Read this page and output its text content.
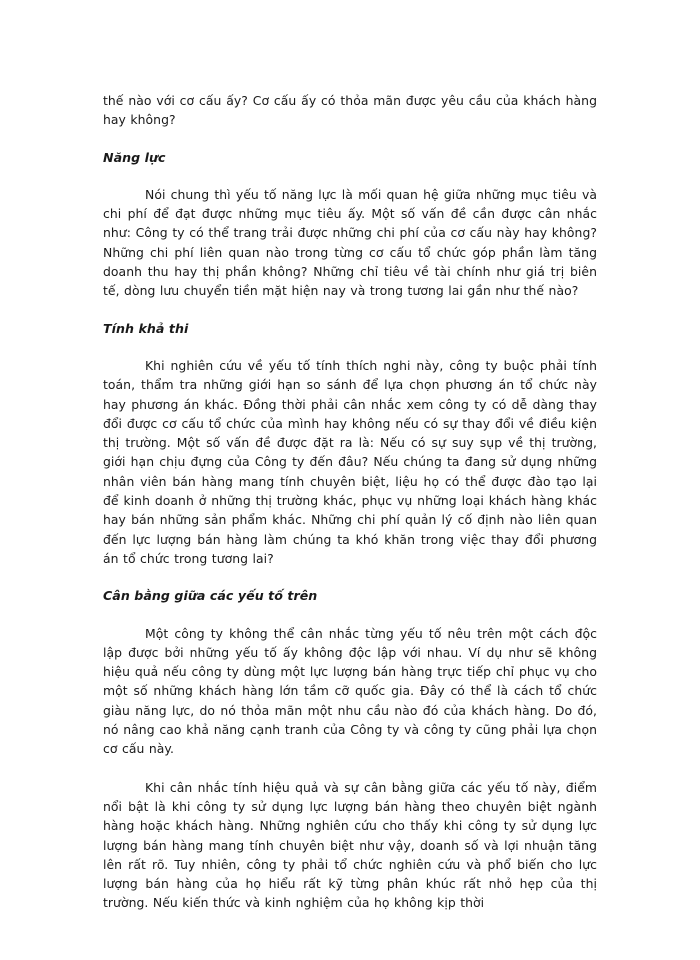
thế nào với cơ cấu ấy? Cơ cấu ấy có thỏa mãn được yêu cầu của khách hàng hay không?

Năng lực

Nói chung thì yếu tố năng lực là mối quan hệ giữa những mục tiêu và chi phí để đạt được những mục tiêu ấy. Một số vấn đề cần được cân nhắc như: Công ty có thể trang trải được những chi phí của cơ cấu này hay không? Những chi phí liên quan nào trong từng cơ cấu tổ chức góp phần làm tăng doanh thu hay thị phần không? Những chỉ tiêu về tài chính như giá trị biên tế, dòng lưu chuyển tiền mặt hiện nay và trong tương lai gần như thế nào?

Tính khả thi

Khi nghiên cứu về yếu tố tính thích nghi này, công ty buộc phải tính toán, thẩm tra những giới hạn so sánh để lựa chọn phương án tổ chức này hay phương án khác. Đồng thời phải cân nhắc xem công ty có dễ dàng thay đổi được cơ cấu tổ chức của mình hay không nếu có sự thay đổi về điều kiện thị trường. Một số vấn đề được đặt ra là: Nếu có sự suy sụp về thị trường, giới hạn chịu đựng của Công ty đến đâu? Nếu chúng ta đang sử dụng những nhân viên bán hàng mang tính chuyên biệt, liệu họ có thể được đào tạo lại để kinh doanh ở những thị trường khác, phục vụ những loại khách hàng khác hay bán những sản phẩm khác. Những chi phí quản lý cố định nào liên quan đến lực lượng bán hàng làm chúng ta khó khăn trong việc thay đổi phương án tổ chức trong tương lai?

Cân bằng giữa các yếu tố trên

Một công ty không thể cân nhắc từng yếu tố nêu trên một cách độc lập được bởi những yếu tố ấy không độc lập với nhau. Ví dụ như sẽ không hiệu quả nếu công ty dùng một lực lượng bán hàng trực tiếp chỉ phục vụ cho một số những khách hàng lớn tầm cỡ quốc gia. Đây có thể là cách tổ chức giàu năng lực, do nó thỏa mãn một nhu cầu nào đó của khách hàng. Do đó, nó nâng cao khả năng cạnh tranh của Công ty và công ty cũng phải lựa chọn cơ cấu này.

Khi cân nhắc tính hiệu quả và sự cân bằng giữa các yếu tố này, điểm nổi bật là khi công ty sử dụng lực lượng bán hàng theo chuyên biệt ngành hàng hoặc khách hàng. Những nghiên cứu cho thấy khi công ty sử dụng lực lượng bán hàng mang tính chuyên biệt như vậy, doanh số và lợi nhuận tăng lên rất rõ. Tuy nhiên, công ty phải tổ chức nghiên cứu và phổ biến cho lực lượng bán hàng của họ hiểu rất kỹ từng phân khúc rất nhỏ hẹp của thị trường. Nếu kiến thức và kinh nghiệm của họ không kịp thời
